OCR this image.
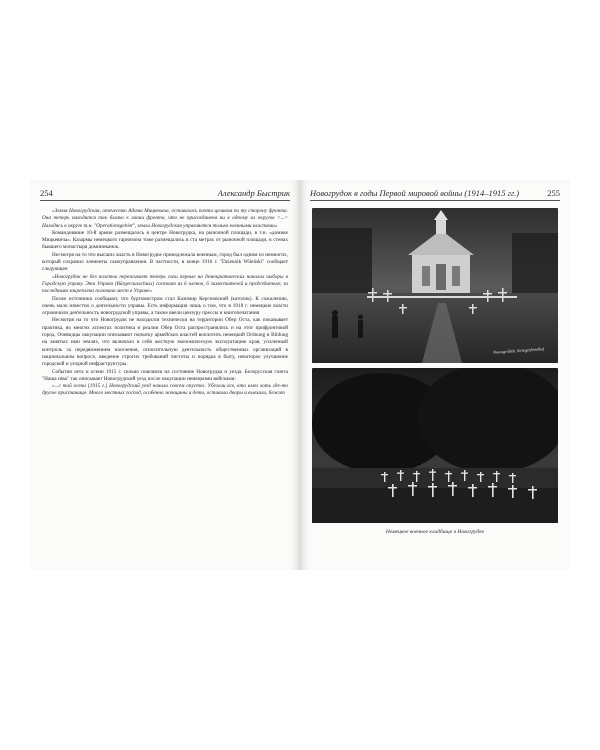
254	Александр Быстрик

«Земля Новогрудская, отечество Адама Мицкевича, оставалась почти целиком по ту сторону фронта. Она теперь находится так близко к линии фронта, что не присоединена ни к одному из округов <...> Находясь в округе т.н. "Operationsgebiet", земли Новогрудская управляется только военными властями»

Командование 10-й армии размещалось в центре Новогрудка, на рыночной площади, в т.н. «домике Мицкевича». Казармы немецкого гарнизона тоже размещались в ста метрах от рыночной площади, в стенах бывшего монастыря доминиканок.

Несмотря на то что высших власть в Новогрудке принадлежала военным, город был одним из немногих, который сохранил элементы самоуправления. В частности, в конце 1916 г. "Dziennik Wileński" сообщает следующее:

«Новогрудок не без полетов переживает теперь свои первые на демократических началах выборы в Городскую управу. Эта Управа (Bürgerausschuss) состоит из 6 членов, 6 заместителей и председателя; за последними закреплена половина мест в Управе»

Позже источники сообщают, что бургомистром стал Казимир Керсновский (католик). К сожалению, очень мало известно о деятельности управы. Есть информация лишь о том, что в 1918 г. немецкие власти ограничили деятельность новогрудской управы, а также ввели цензуру прессы и книгопечатания

Несмотря на то что Новогрудок не находился технически на территории Обер Оста, как показывает практика, во многих аспектах политика и реалии Обер Оста распространялись и на этот прифронтовой город. Очевидцы оккупации описывают попытку армейских властей воплотить немецкий Ordnung и Bildung на занятых ими землях, что включало в себя жесткую экономическую эксплуатацию края, усиленный контроль за передвижением населения, относительную деятельность общественных организаций в национальном вопросе, введение строгих требований чистоты и порядка в быту, некоторое улучшение городской и уездной инфраструктуры.

События лета и осени 1915 г. сильно повлияли на состояние Новогрудка и уезда. Белорусская газета "Наша ніва" так описывает Новогрудский уезд после оккупации немецкими войсками:

«...с той осени [1915 г.] Новогрудский уезд начали совсем опустел. Убегали все, кто имел хоть где-то другое пристанище. Много местных господ, особенно женщины и дети, оставили дворы и выехали, бежит

Новогрудок в годы Первой мировой войны (1914–1915 гг.)	255
Nowogródek. Kriegerfriedhof
Немецкое военное кладбище в Новогрудке
